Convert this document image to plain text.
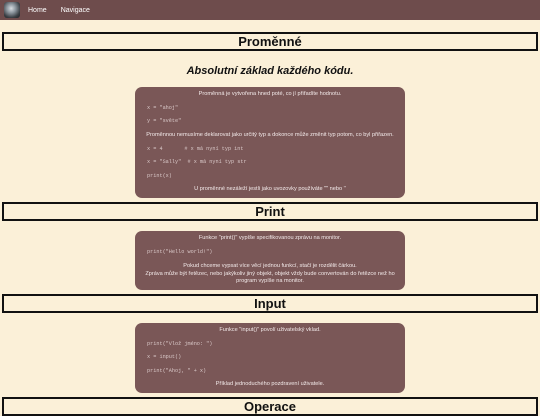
Home Navigace
Proměnné
Absolutní základ každého kódu.
Proměnná je vytvořena hned poté, co jí přiřadíte hodnotu.
x = "ahoj"
y = "světe"
Proměnnou nemusíme deklarovat jako určitý typ a dokonce může změnit typ potom, co byl přiřazen.
x = 4       # x má nyní typ int
x = "Sally"  # x má nyní typ str
print(x)
U proměnné nezáleží jestli jako uvozovky používáte "" nebo ''
Print
Funkce "print()" vypíše specifikovanou zprávu na monitor.
print("Hello world!")
Pokud chceme vypsat více věcí jednou funkcí, stačí je rozdělit čárkou.
Zpráva může být řetězec, nebo jakýkoliv jiný objekt, objekt vždy bude convertován do řetězce než ho program vypíše na monitor.
Input
Funkce "input()" povolí uživatelský vklad.
print("Vlož jméno: ")
x = input()
print("Ahoj, " + x)
Příklad jednoduchého pozdravení uživatele.
Operace
